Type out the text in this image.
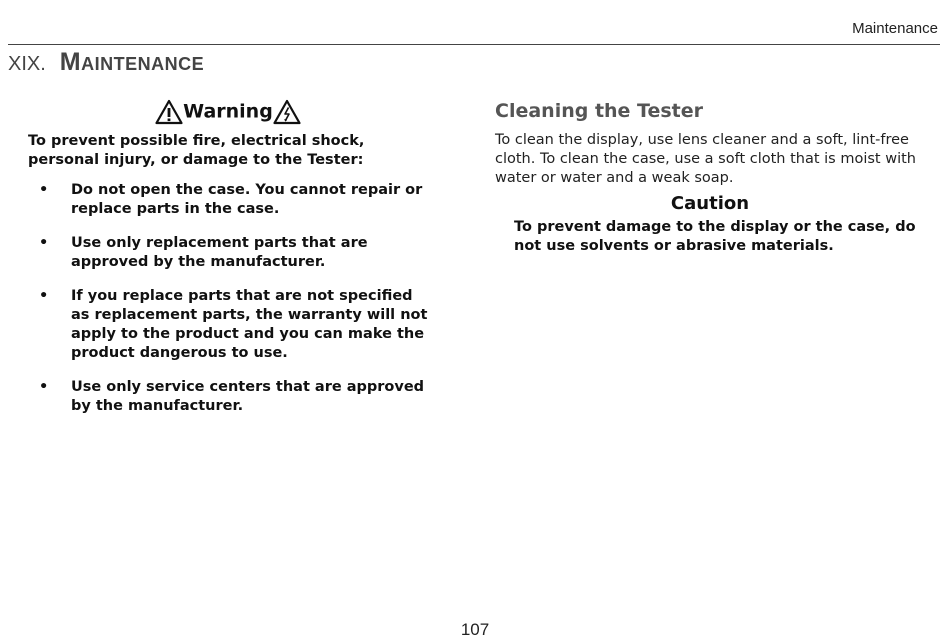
Maintenance
XIX. Maintenance
Warning
To prevent possible fire, electrical shock, personal injury, or damage to the Tester:
• Do not open the case. You cannot repair or replace parts in the case.
• Use only replacement parts that are approved by the manufacturer.
• If you replace parts that are not specified as replacement parts, the warranty will not apply to the product and you can make the product dangerous to use.
• Use only service centers that are approved by the manufacturer.
Cleaning the Tester
To clean the display, use lens cleaner and a soft, lint-free cloth. To clean the case, use a soft cloth that is moist with water or water and a weak soap.
Caution
To prevent damage to the display or the case, do not use solvents or abrasive materials.
107
